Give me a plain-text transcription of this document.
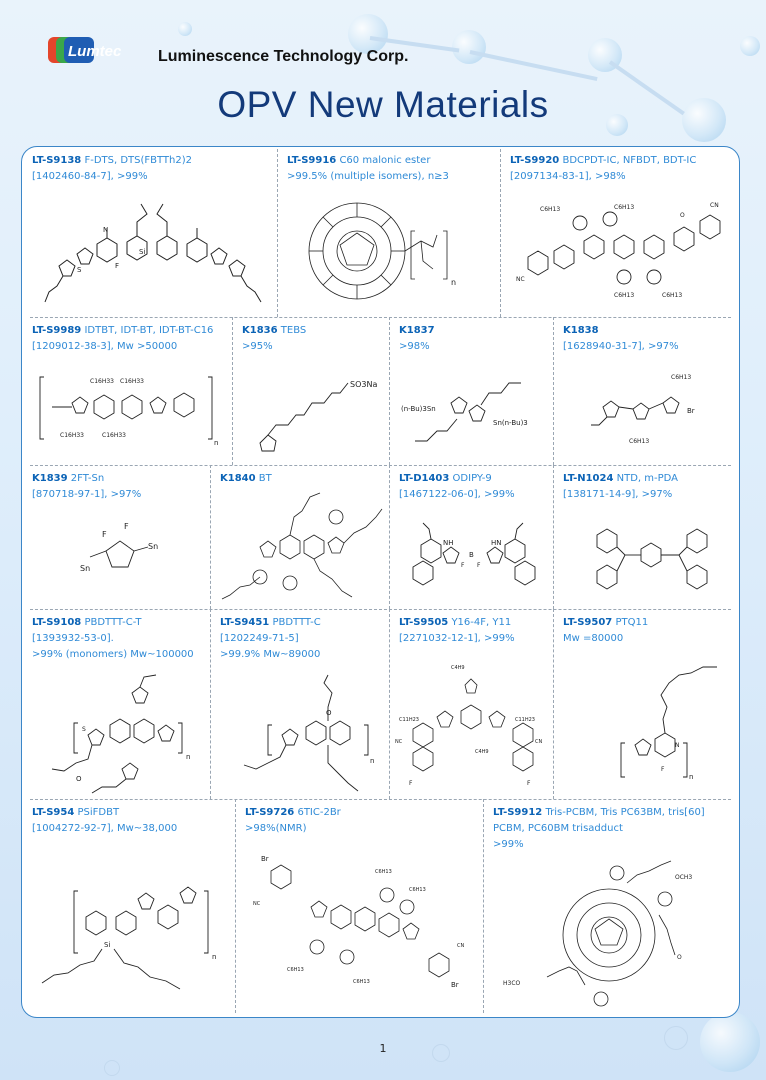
Lumtec Luminescence Technology Corp.
OPV New Materials
LT-S9138 F-DTS, DTS(FBTTh2)2
[1402460-84-7], >99%
Si
S
N
F
LT-S9916 C60 malonic ester
>99.5% (multiple isomers), n≥3
n
LT-S9920 BDCPDT-IC, NFBDT, BDT-IC
[2097134-83-1], >98%
C6H13	C6H13
C6H13	C6H13
CN
NC
O
LT-S9989 IDTBT, IDT-BT, IDT-BT-C16
[1209012-38-3], Mw >50000
C16H33 C16H33
C16H33	C16H33
n
K1836 TEBS
>95%
SO3Na
K1837
>98%
(n-Bu)3Sn
Sn(n-Bu)3
K1838
[1628940-31-7], >97%
C6H13
C6H13
Br
K1839 2FT-Sn
[870718-97-1], >97%
Sn
Sn
F
F
K1840 BT	LT-D1403 ODIPY-9
[1467122-06-0], >99%
NH	HN
B
F F
LT-N1024 NTD, m-PDA
[138171-14-9], >97%
LT-S9108 PBDTTT-C-T
[1393932-53-0].
>99% (monomers) Mw~100000
S
O
n
LT-S9451 PBDTTT-C
[1202249-71-5]
>99.9% Mw~89000
O
n
LT-S9505 Y16-4F, Y11
[2271032-12-1], >99%
C11H23	C11H23
C4H9
C4H9
F	F
NC	CN
LT-S9507 PTQ11
Mw =80000
n
F
N
LT-S954 PSiFDBT
[1004272-92-7], Mw~38,000
Si
n
LT-S9726 6TIC-2Br
>98%(NMR)
Br
Br
C6H13
C6H13
C6H13
C6H13
NC
CN
LT-S9912 Tris-PCBM, Tris PC63BM, tris[60]
PCBM, PC60BM trisadduct
>99%
OCH3
H3CO
O
1
